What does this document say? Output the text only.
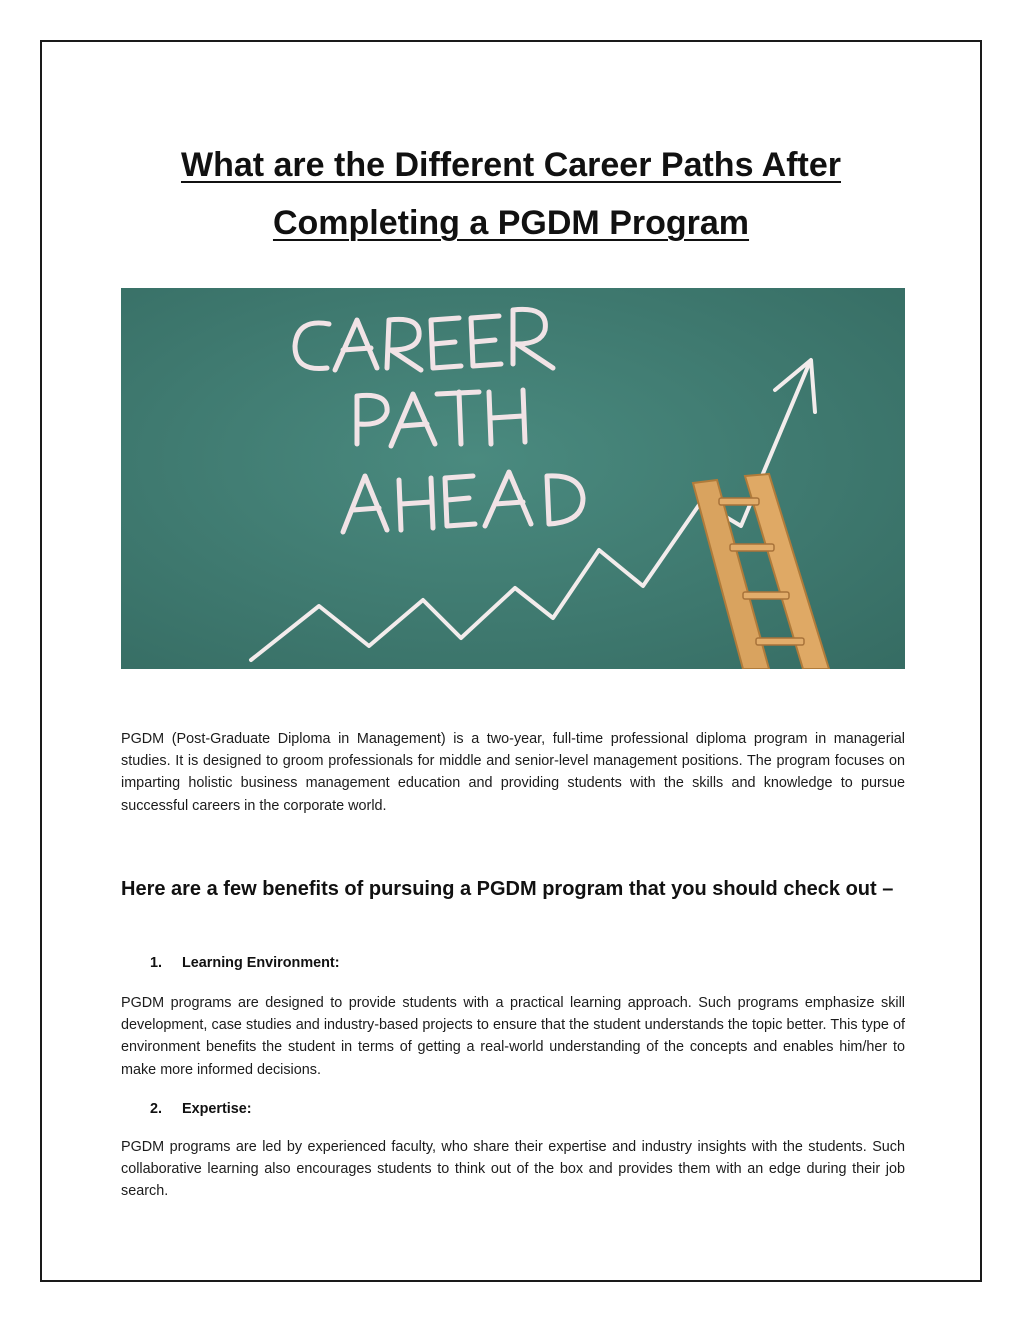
What are the Different Career Paths After
Completing a PGDM Program

PGDM (Post-Graduate Diploma in Management) is a two-year, full-time professional diploma program in managerial studies. It is designed to groom professionals for middle and senior-level management positions. The program focuses on imparting holistic business management education and providing students with the skills and knowledge to pursue successful careers in the corporate world.

Here are a few benefits of pursuing a PGDM program that you should check out –

1. Learning Environment:

PGDM programs are designed to provide students with a practical learning approach. Such programs emphasize skill development, case studies and industry-based projects to ensure that the student understands the topic better. This type of environment benefits the student in terms of getting a real-world understanding of the concepts and enables him/her to make more informed decisions.

2. Expertise:

PGDM programs are led by experienced faculty, who share their expertise and industry insights with the students. Such collaborative learning also encourages students to think out of the box and provides them with an edge during their job search.
